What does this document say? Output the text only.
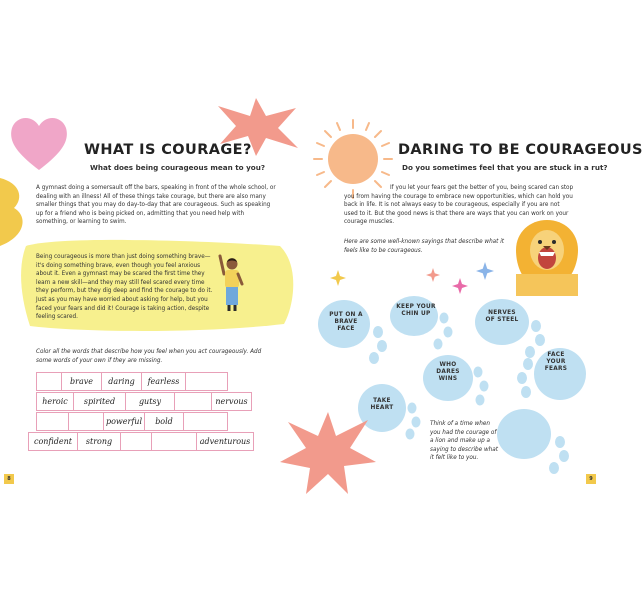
WHAT IS COURAGE?
What does being courageous mean to you?
A gymnast doing a somersault off the bars, speaking in front of the whole school, or dealing with an illness! All of these things take courage, but there are also many smaller things that you may do day-to-day that are courageous. Such as speaking up for a friend who is being picked on, admitting that you need help with something, or learning to swim.
Being courageous is more than just doing something brave—it's doing something brave, even though you feel anxious about it. Even a gymnast may be scared the first time they learn a new skill—and they may still feel scared every time they perform, but they dig deep and find the courage to do it. Just as you may have worried about asking for help, but you faced your fears and did it! Courage is taking action, despite feeling scared.
Color all the words that describe how you feel when you act courageously. Add some words of your own if they are missing.
brave	daring	fearless
heroic	spirited	gutsy	nervous
powerful	bold
confident	strong	adventurous
8
DARING TO BE COURAGEOUS
Do you sometimes feel that you are stuck in a rut?
If you let your fears get the better of you, being scared can stop you from having the courage to embrace new opportunities, which can hold you back in life. It is not always easy to be courageous, especially if you are not used to it. But the good news is that there are ways that you can work on your courage muscles.
Here are some well-known sayings that describe what it feels like to be courageous.
PUT ON A BRAVE FACE
KEEP YOUR CHIN UP	NERVES OF STEEL
WHO DARES WINS
FACE YOUR FEARS
TAKE HEART
Think of a time when you had the courage of a lion and make up a saying to describe what it felt like to you.
9
